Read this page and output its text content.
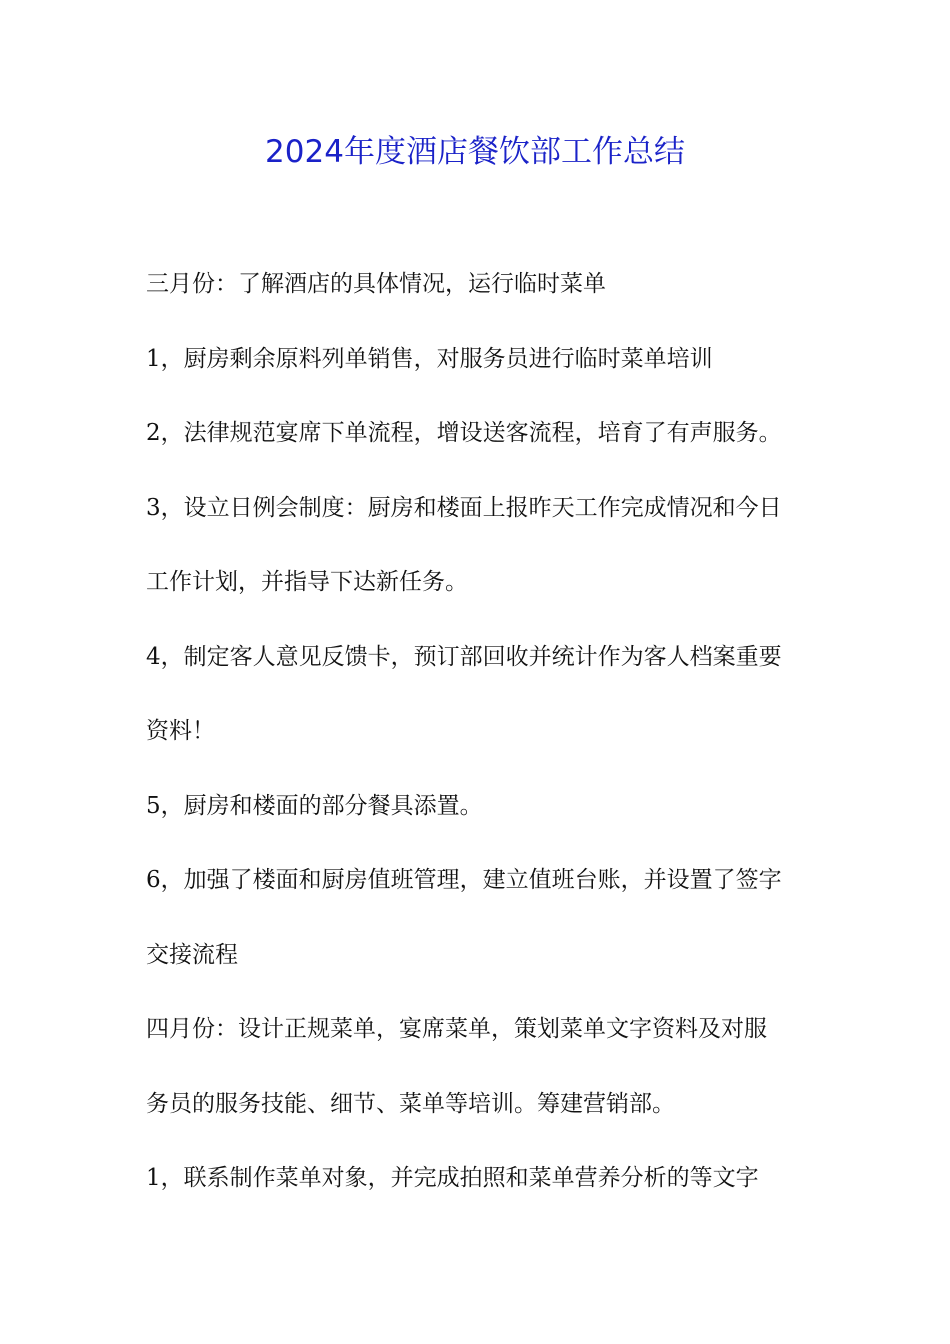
2024年度酒店餐饮部工作总结

三月份：了解酒店的具体情况，运行临时菜单

1，厨房剩余原料列单销售，对服务员进行临时菜单培训

2，法律规范宴席下单流程，增设送客流程，培育了有声服务。

3，设立日例会制度：厨房和楼面上报昨天工作完成情况和今日

工作计划，并指导下达新任务。

4，制定客人意见反馈卡，预订部回收并统计作为客人档案重要

资料！

5，厨房和楼面的部分餐具添置。

6，加强了楼面和厨房值班管理，建立值班台账，并设置了签字

交接流程

四月份：设计正规菜单，宴席菜单，策划菜单文字资料及对服

务员的服务技能、细节、菜单等培训。筹建营销部。

1，联系制作菜单对象，并完成拍照和菜单营养分析的等文字
